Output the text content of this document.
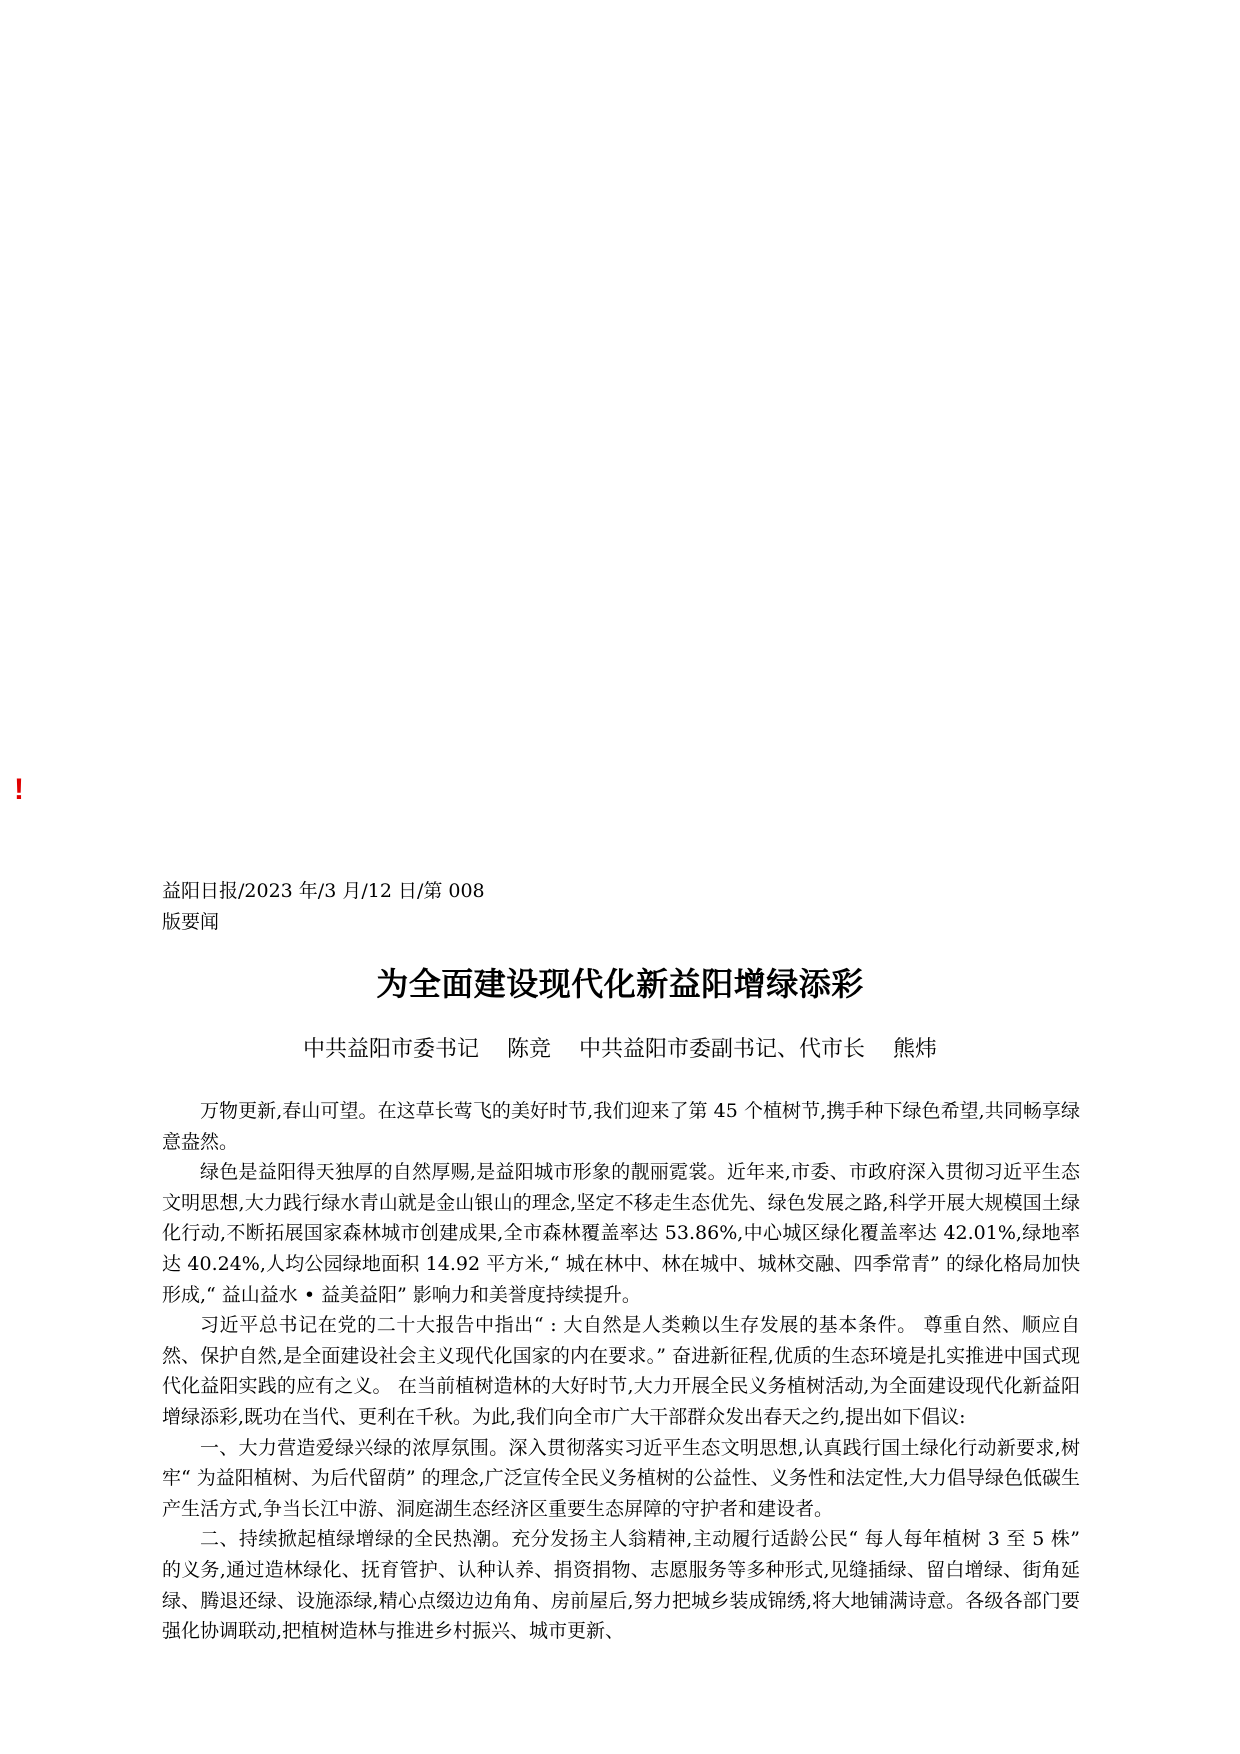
!
益阳日报/2023 年/3 月/12 日/第 008
版要闻
为全面建设现代化新益阳增绿添彩
中共益阳市委书记    陈竞    中共益阳市委副书记、代市长    熊炜

万物更新,春山可望。在这草长莺飞的美好时节,我们迎来了第 45 个植树节,携手种下绿色希望,共同畅享绿意盎然。

绿色是益阳得天独厚的自然厚赐,是益阳城市形象的靓丽霓裳。近年来,市委、市政府深入贯彻习近平生态文明思想,大力践行绿水青山就是金山银山的理念,坚定不移走生态优先、绿色发展之路,科学开展大规模国土绿化行动,不断拓展国家森林城市创建成果,全市森林覆盖率达 53.86%,中心城区绿化覆盖率达 42.01%,绿地率达 40.24%,人均公园绿地面积 14.92 平方米,“ 城在林中、林在城中、城林交融、四季常青” 的绿化格局加快形成,“ 益山益水 • 益美益阳” 影响力和美誉度持续提升。

习近平总书记在党的二十大报告中指出“ : 大自然是人类赖以生存发展的基本条件。 尊重自然、顺应自然、保护自然,是全面建设社会主义现代化国家的内在要求。” 奋进新征程,优质的生态环境是扎实推进中国式现代化益阳实践的应有之义。 在当前植树造林的大好时节,大力开展全民义务植树活动,为全面建设现代化新益阳增绿添彩,既功在当代、更利在千秋。为此,我们向全市广大干部群众发出春天之约,提出如下倡议:

一、大力营造爱绿兴绿的浓厚氛围。深入贯彻落实习近平生态文明思想,认真践行国土绿化行动新要求,树牢“ 为益阳植树、为后代留荫” 的理念,广泛宣传全民义务植树的公益性、义务性和法定性,大力倡导绿色低碳生产生活方式,争当长江中游、洞庭湖生态经济区重要生态屏障的守护者和建设者。

二、持续掀起植绿增绿的全民热潮。充分发扬主人翁精神,主动履行适龄公民“ 每人每年植树 3 至 5 株” 的义务,通过造林绿化、抚育管护、认种认养、捐资捐物、志愿服务等多种形式,见缝插绿、留白增绿、街角延绿、腾退还绿、设施添绿,精心点缀边边角角、房前屋后,努力把城乡装成锦绣,将大地铺满诗意。各级各部门要强化协调联动,把植树造林与推进乡村振兴、城市更新、
